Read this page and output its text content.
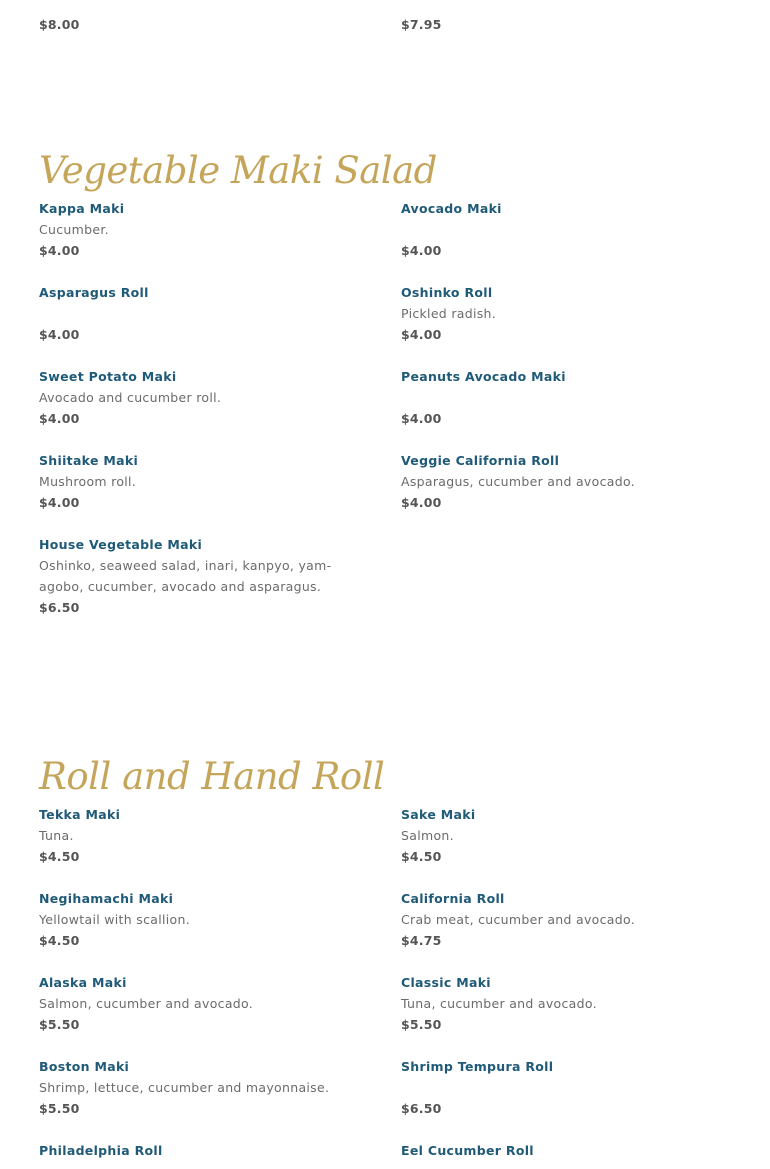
$8.00	$7.95
Vegetable Maki Salad
Kappa Maki
Cucumber.
$4.00
Avocado Maki
$4.00
Asparagus Roll
$4.00
Oshinko Roll
Pickled radish.
$4.00
Sweet Potato Maki
Avocado and cucumber roll.
$4.00
Peanuts Avocado Maki
$4.00
Shiitake Maki
Mushroom roll.
$4.00
Veggie California Roll
Asparagus, cucumber and avocado.
$4.00
House Vegetable Maki
Oshinko, seaweed salad, inari, kanpyo, yam-agobo, cucumber, avocado and asparagus.
$6.50
Roll and Hand Roll
Tekka Maki
Tuna.
$4.50
Sake Maki
Salmon.
$4.50
Negihamachi Maki
Yellowtail with scallion.
$4.50
California Roll
Crab meat, cucumber and avocado.
$4.75
Alaska Maki
Salmon, cucumber and avocado.
$5.50
Classic Maki
Tuna, cucumber and avocado.
$5.50
Boston Maki
Shrimp, lettuce, cucumber and mayonnaise.
$5.50
Shrimp Tempura Roll
$6.50
Philadelphia Roll	Eel Cucumber Roll
